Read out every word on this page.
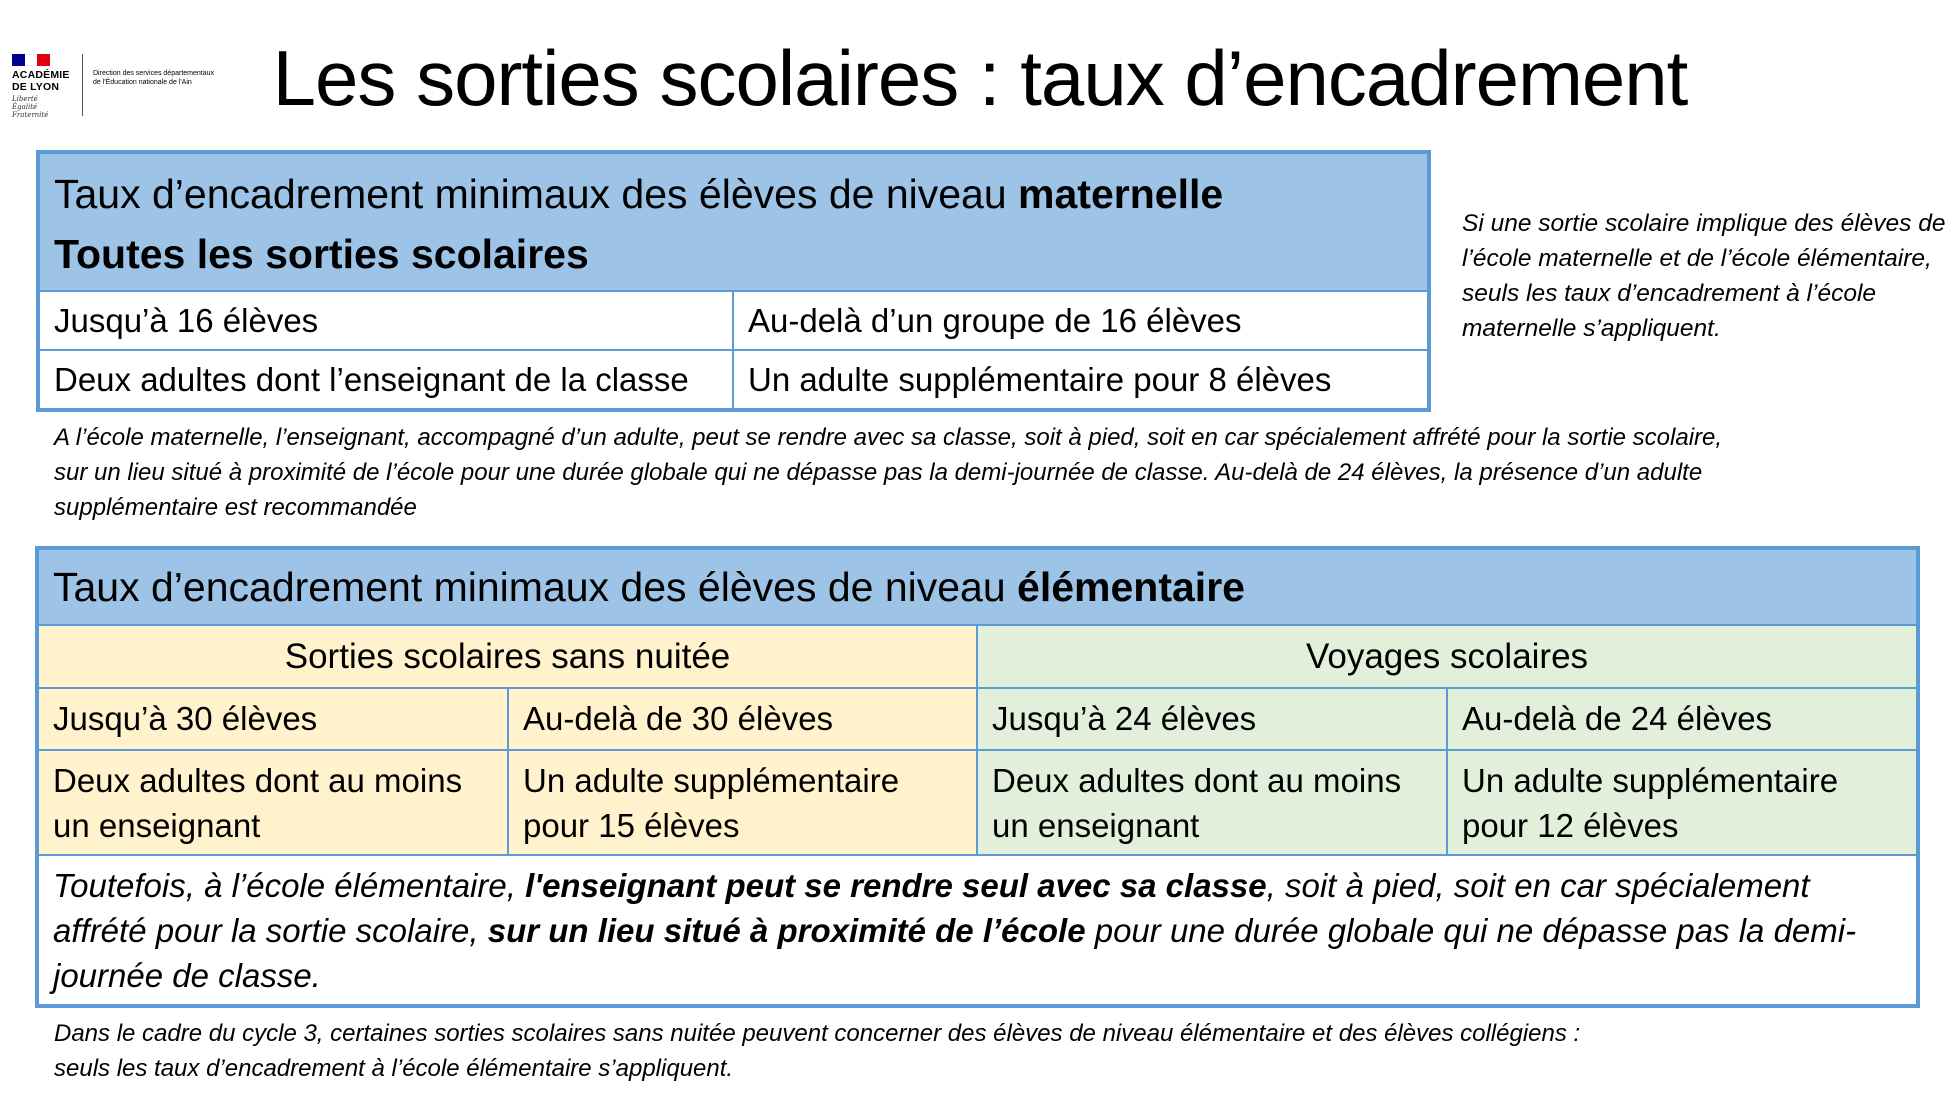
ACADÉMIE
DE LYON
Liberté
Égalité
Fraternité
Direction des services départementaux de l'Éducation nationale de l'Ain	Les sorties scolaires : taux d’encadrement
Taux d’encadrement minimaux des élèves de niveau maternelle
Toutes les sorties scolaires	
Jusqu’à 16 élèves	Au-delà d’un groupe de 16 élèves
Deux adultes dont l’enseignant de la classe	Un adulte supplémentaire pour 8 élèves
Si une sortie scolaire implique des élèves de l’école maternelle et de l’école élémentaire, seuls les taux d’encadrement à l’école maternelle s’appliquent.
A l’école maternelle, l’enseignant, accompagné d’un adulte, peut se rendre avec sa classe, soit à pied, soit en car spécialement affrété pour la sortie scolaire,
sur un lieu situé à proximité de l’école pour une durée globale qui ne dépasse pas la demi-journée de classe. Au-delà de 24 élèves, la présence d’un adulte
supplémentaire est recommandée
Taux d’encadrement minimaux des élèves de niveau élémentaire			
Sorties scolaires sans nuitée		Voyages scolaires	
Jusqu’à 30 élèves	Au-delà de 30 élèves	Jusqu’à 24 élèves	Au-delà de 24 élèves
Deux adultes dont au moins un enseignant	Un adulte supplémentaire pour 15 élèves	Deux adultes dont au moins un enseignant	Un adulte supplémentaire pour 12 élèves
Toutefois, à l’école élémentaire, l'enseignant peut se rendre seul avec sa classe, soit à pied, soit en car spécialement affrété pour la sortie scolaire, sur un lieu situé à proximité de l’école pour une durée globale qui ne dépasse pas la demi-journée de classe.			
Dans le cadre du cycle 3, certaines sorties scolaires sans nuitée peuvent concerner des élèves de niveau élémentaire et des élèves collégiens :
seuls les taux d’encadrement à l’école élémentaire s’appliquent.
